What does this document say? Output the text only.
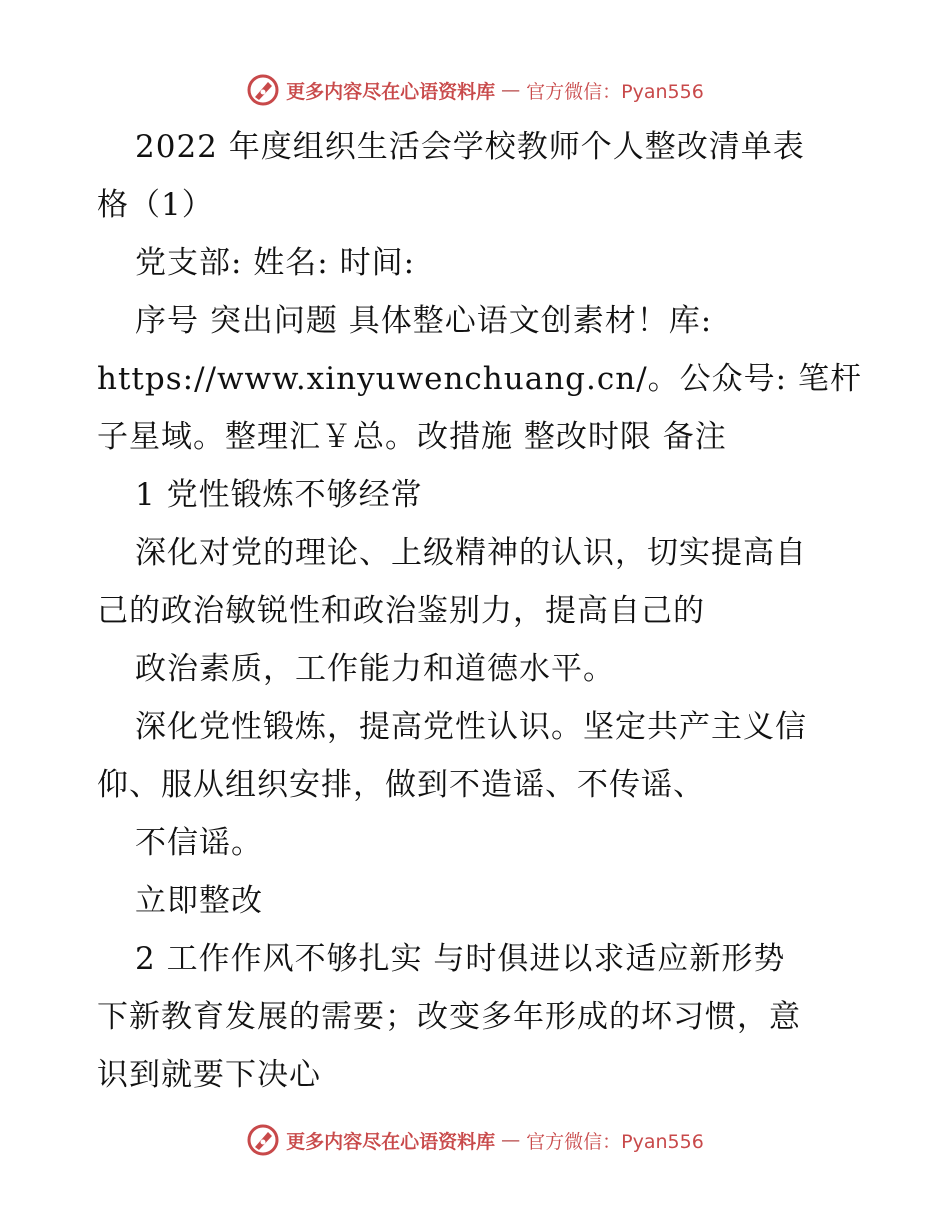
更多内容尽在心语资料库 — 官方微信：Pyan556
2022 年度组织生活会学校教师个人整改清单表
格（1）
党支部: 姓名: 时间:
序号 突出问题 具体整心语文创素材！库:
https://www.xinyuwenchuang.cn/。公众号: 笔杆
子星域。整理汇￥总。改措施 整改时限 备注
1 党性锻炼不够经常
深化对党的理论、上级精神的认识，切实提高自
己的政治敏锐性和政治鉴别力，提高自己的
政治素质，工作能力和道德水平。
深化党性锻炼，提高党性认识。坚定共产主义信
仰、服从组织安排，做到不造谣、不传谣、
不信谣。
立即整改
2 工作作风不够扎实 与时俱进以求适应新形势
下新教育发展的需要；改变多年形成的坏习惯，意
识到就要下决心
更多内容尽在心语资料库 — 官方微信：Pyan556
